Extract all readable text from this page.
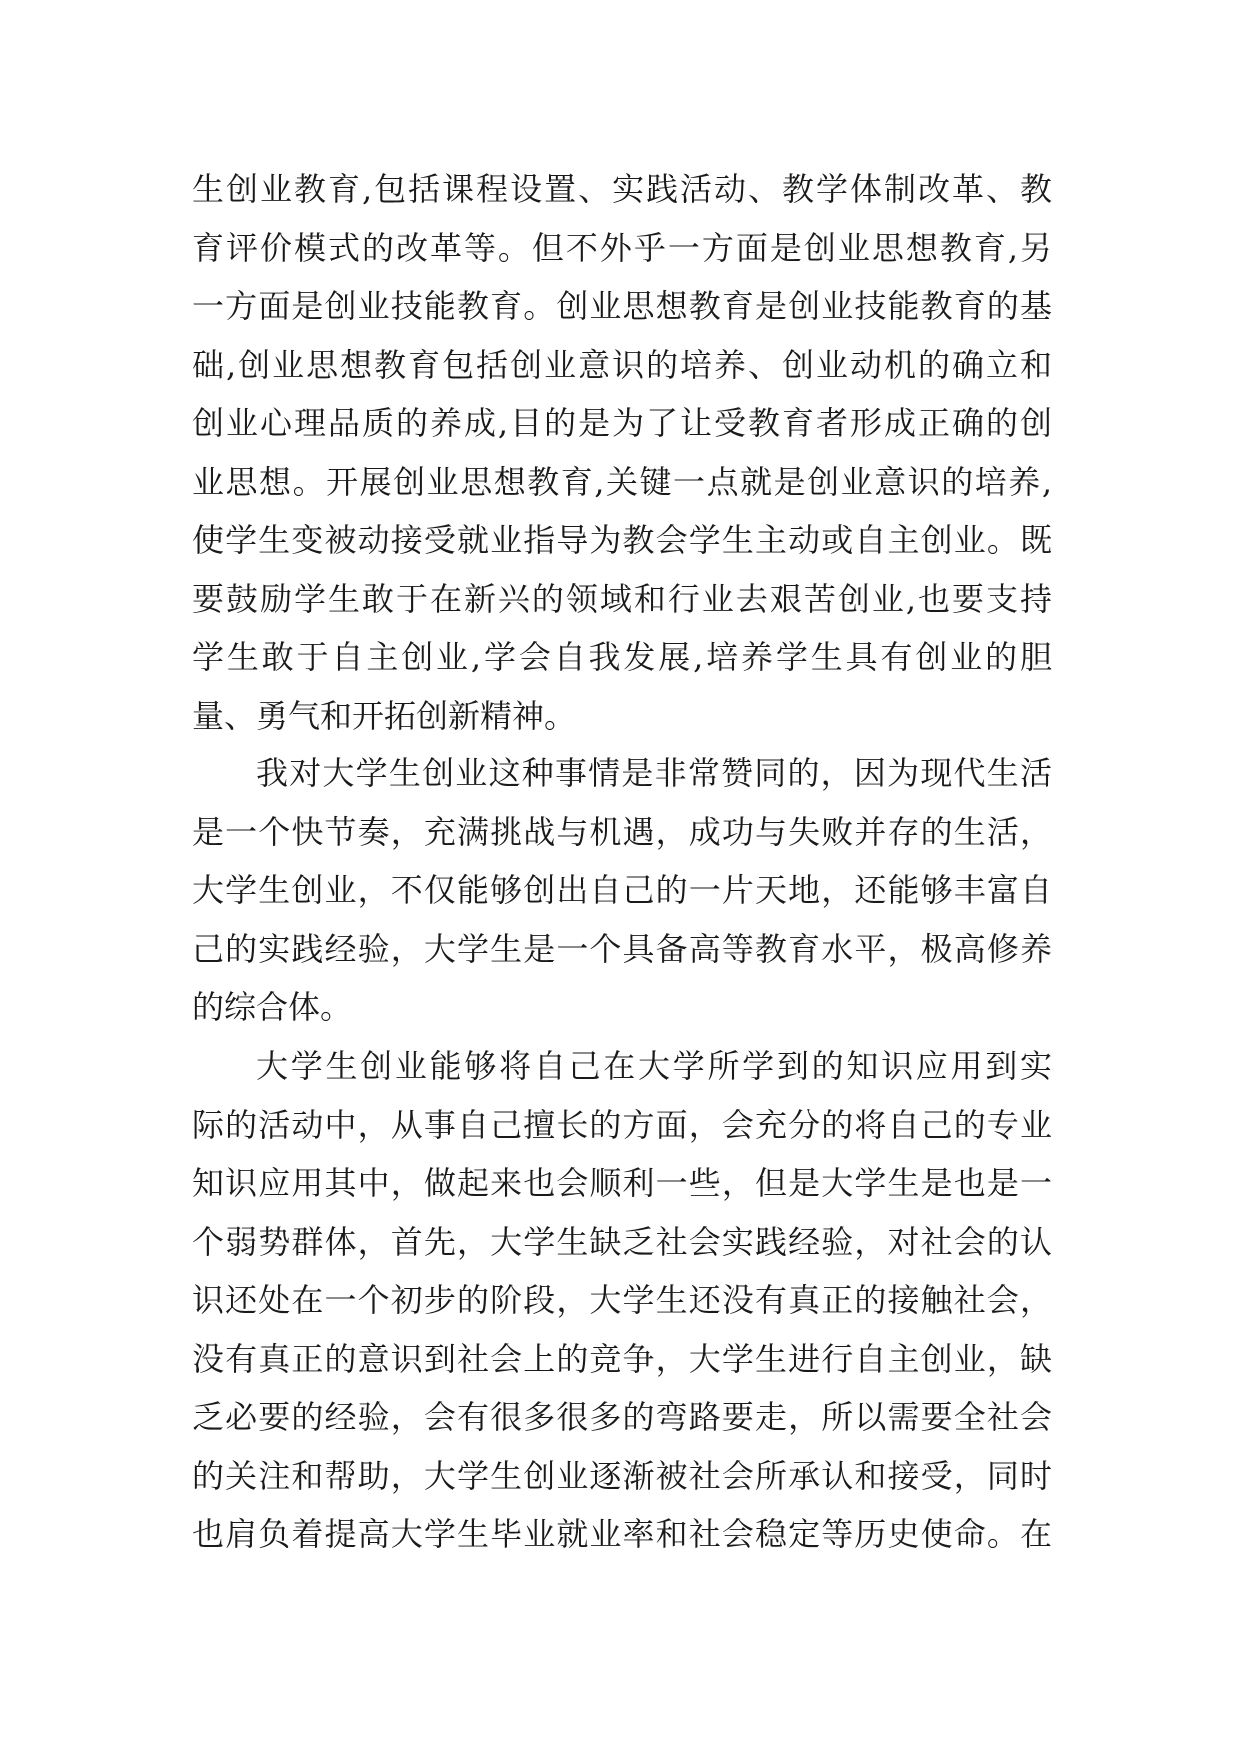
生创业教育,包括课程设置、实践活动、教学体制改革、教
育评价模式的改革等。但不外乎一方面是创业思想教育,另
一方面是创业技能教育。创业思想教育是创业技能教育的基
础,创业思想教育包括创业意识的培养、创业动机的确立和
创业心理品质的养成,目的是为了让受教育者形成正确的创
业思想。开展创业思想教育,关键一点就是创业意识的培养,
使学生变被动接受就业指导为教会学生主动或自主创业。既
要鼓励学生敢于在新兴的领域和行业去艰苦创业,也要支持
学生敢于自主创业,学会自我发展,培养学生具有创业的胆
量、勇气和开拓创新精神。
我对大学生创业这种事情是非常赞同的，因为现代生活
是一个快节奏，充满挑战与机遇，成功与失败并存的生活，
大学生创业，不仅能够创出自己的一片天地，还能够丰富自
己的实践经验，大学生是一个具备高等教育水平，极高修养
的综合体。
大学生创业能够将自己在大学所学到的知识应用到实
际的活动中，从事自己擅长的方面，会充分的将自己的专业
知识应用其中，做起来也会顺利一些，但是大学生是也是一
个弱势群体，首先，大学生缺乏社会实践经验，对社会的认
识还处在一个初步的阶段，大学生还没有真正的接触社会，
没有真正的意识到社会上的竞争，大学生进行自主创业，缺
乏必要的经验，会有很多很多的弯路要走，所以需要全社会
的关注和帮助，大学生创业逐渐被社会所承认和接受，同时
也肩负着提高大学生毕业就业率和社会稳定等历史使命。在
